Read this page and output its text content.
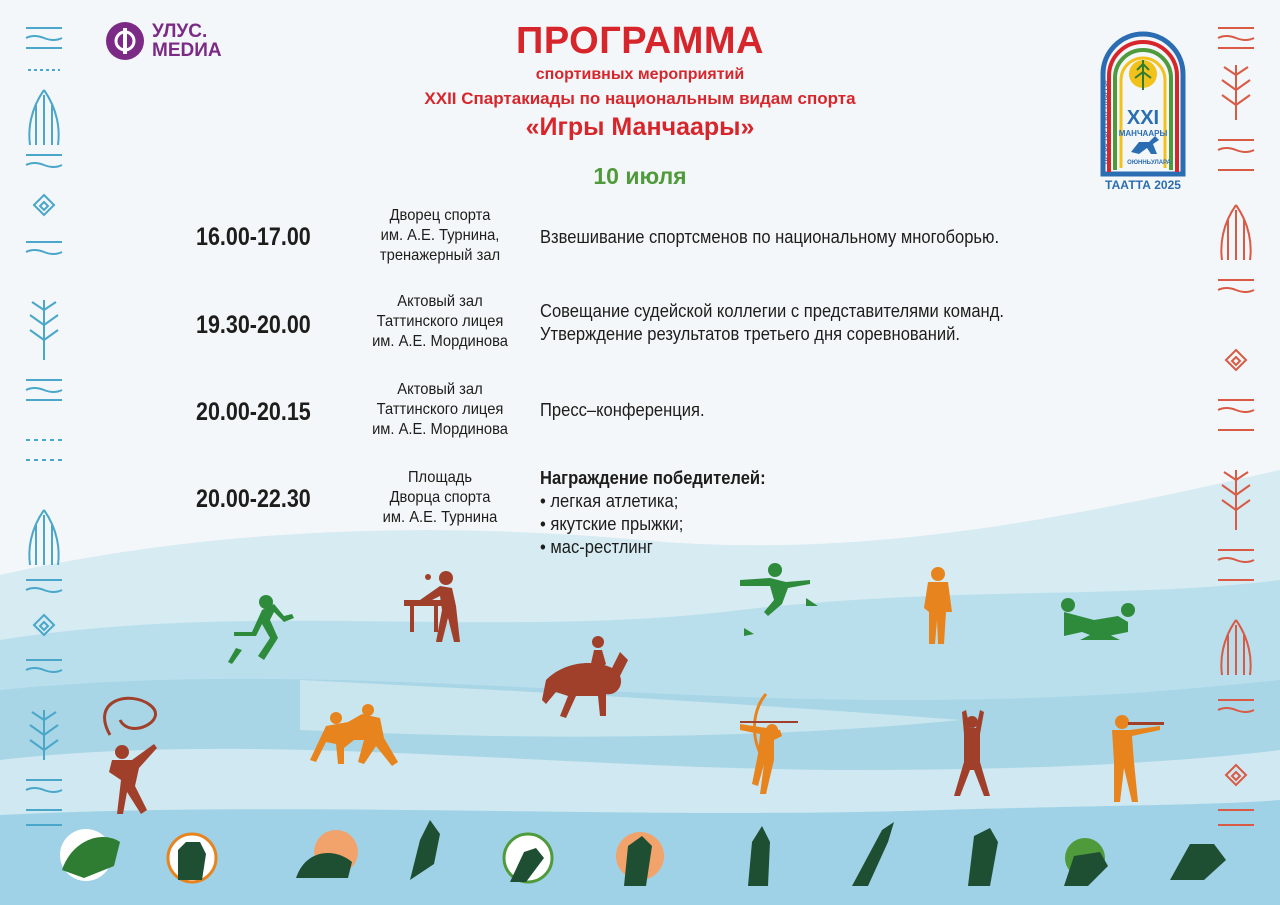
УЛУС.
МЕDИА	ПРОГРАММА
спортивных мероприятий
XXII Спартакиады по национальным видам спорта
«Игры Манчаары»
10 июля
XXI
МАНЧААРЫ
ОЮННЬУЛАРА
НУРЭС ТӨРҮТ КҮРҮҮНЭРГЭР
ТААТТА 2025
16.00-17.00
Дворец спорта
им. А.Е. Турнина,
тренажерный зал
Взвешивание спортсменов по национальному многоборью.
19.30-20.00
Актовый зал
Таттинского лицея
им. А.Е. Мординова
Совещание судейской коллегии с представителями команд.
Утверждение результатов третьего дня соревнований.
20.00-20.15
Актовый зал
Таттинского лицея
им. А.Е. Мординова
Пресс–конференция.
20.00-22.30
Площадь
Дворца спорта
им. А.Е. Турнина
Награждение победителей:
• легкая атлетика;
• якутские прыжки;
• мас-рестлинг
